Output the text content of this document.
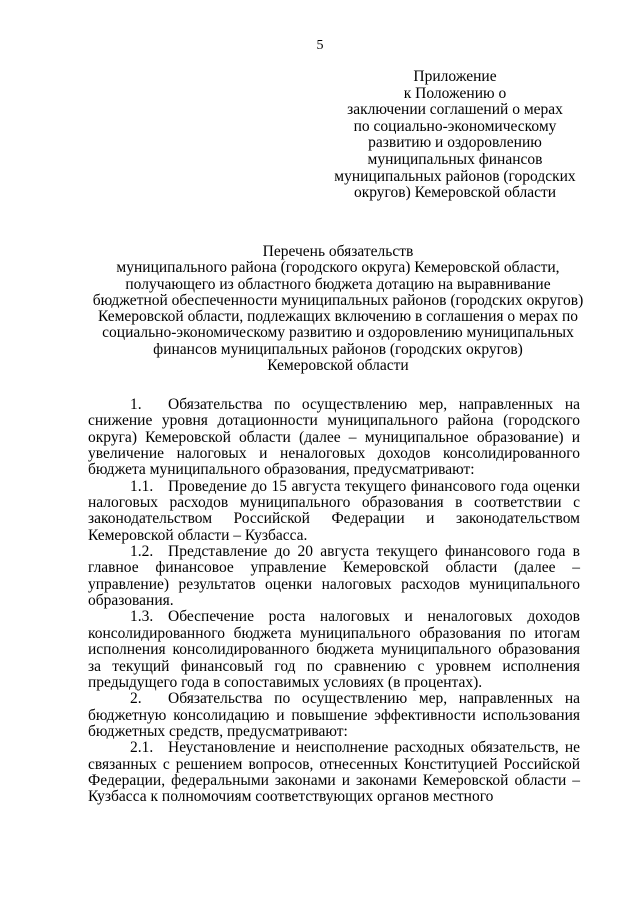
5
Приложение
к Положению о
заключении соглашений о мерах
по социально-экономическому
развитию и оздоровлению
муниципальных финансов
муниципальных районов (городских
округов) Кемеровской области
Перечень обязательств
муниципального района (городского округа) Кемеровской области,
получающего из областного бюджета дотацию на выравнивание
бюджетной обеспеченности муниципальных районов (городских округов)
Кемеровской области, подлежащих включению в соглашения о мерах по
социально-экономическому развитию и оздоровлению муниципальных
финансов муниципальных районов (городских округов)
Кемеровской области

1. Обязательства по осуществлению мер, направленных на снижение уровня дотационности муниципального района (городского округа) Кемеровской области (далее – муниципальное образование) и увеличение налоговых и неналоговых доходов консолидированного бюджета муниципального образования, предусматривают:

1.1. Проведение до 15 августа текущего финансового года оценки налоговых расходов муниципального образования в соответствии с законодательством Российской Федерации и законодательством Кемеровской области – Кузбасса.

1.2. Представление до 20 августа текущего финансового года в главное финансовое управление Кемеровской области (далее – управление) результатов оценки налоговых расходов муниципального образования.

1.3. Обеспечение роста налоговых и неналоговых доходов консолидированного бюджета муниципального образования по итогам исполнения консолидированного бюджета муниципального образования за текущий финансовый год по сравнению с уровнем исполнения предыдущего года в сопоставимых условиях (в процентах).

2. Обязательства по осуществлению мер, направленных на бюджетную консолидацию и повышение эффективности использования бюджетных средств, предусматривают:

2.1. Неустановление и неисполнение расходных обязательств, не связанных с решением вопросов, отнесенных Конституцией Российской Федерации, федеральными законами и законами Кемеровской области – Кузбасса к полномочиям соответствующих органов местного
